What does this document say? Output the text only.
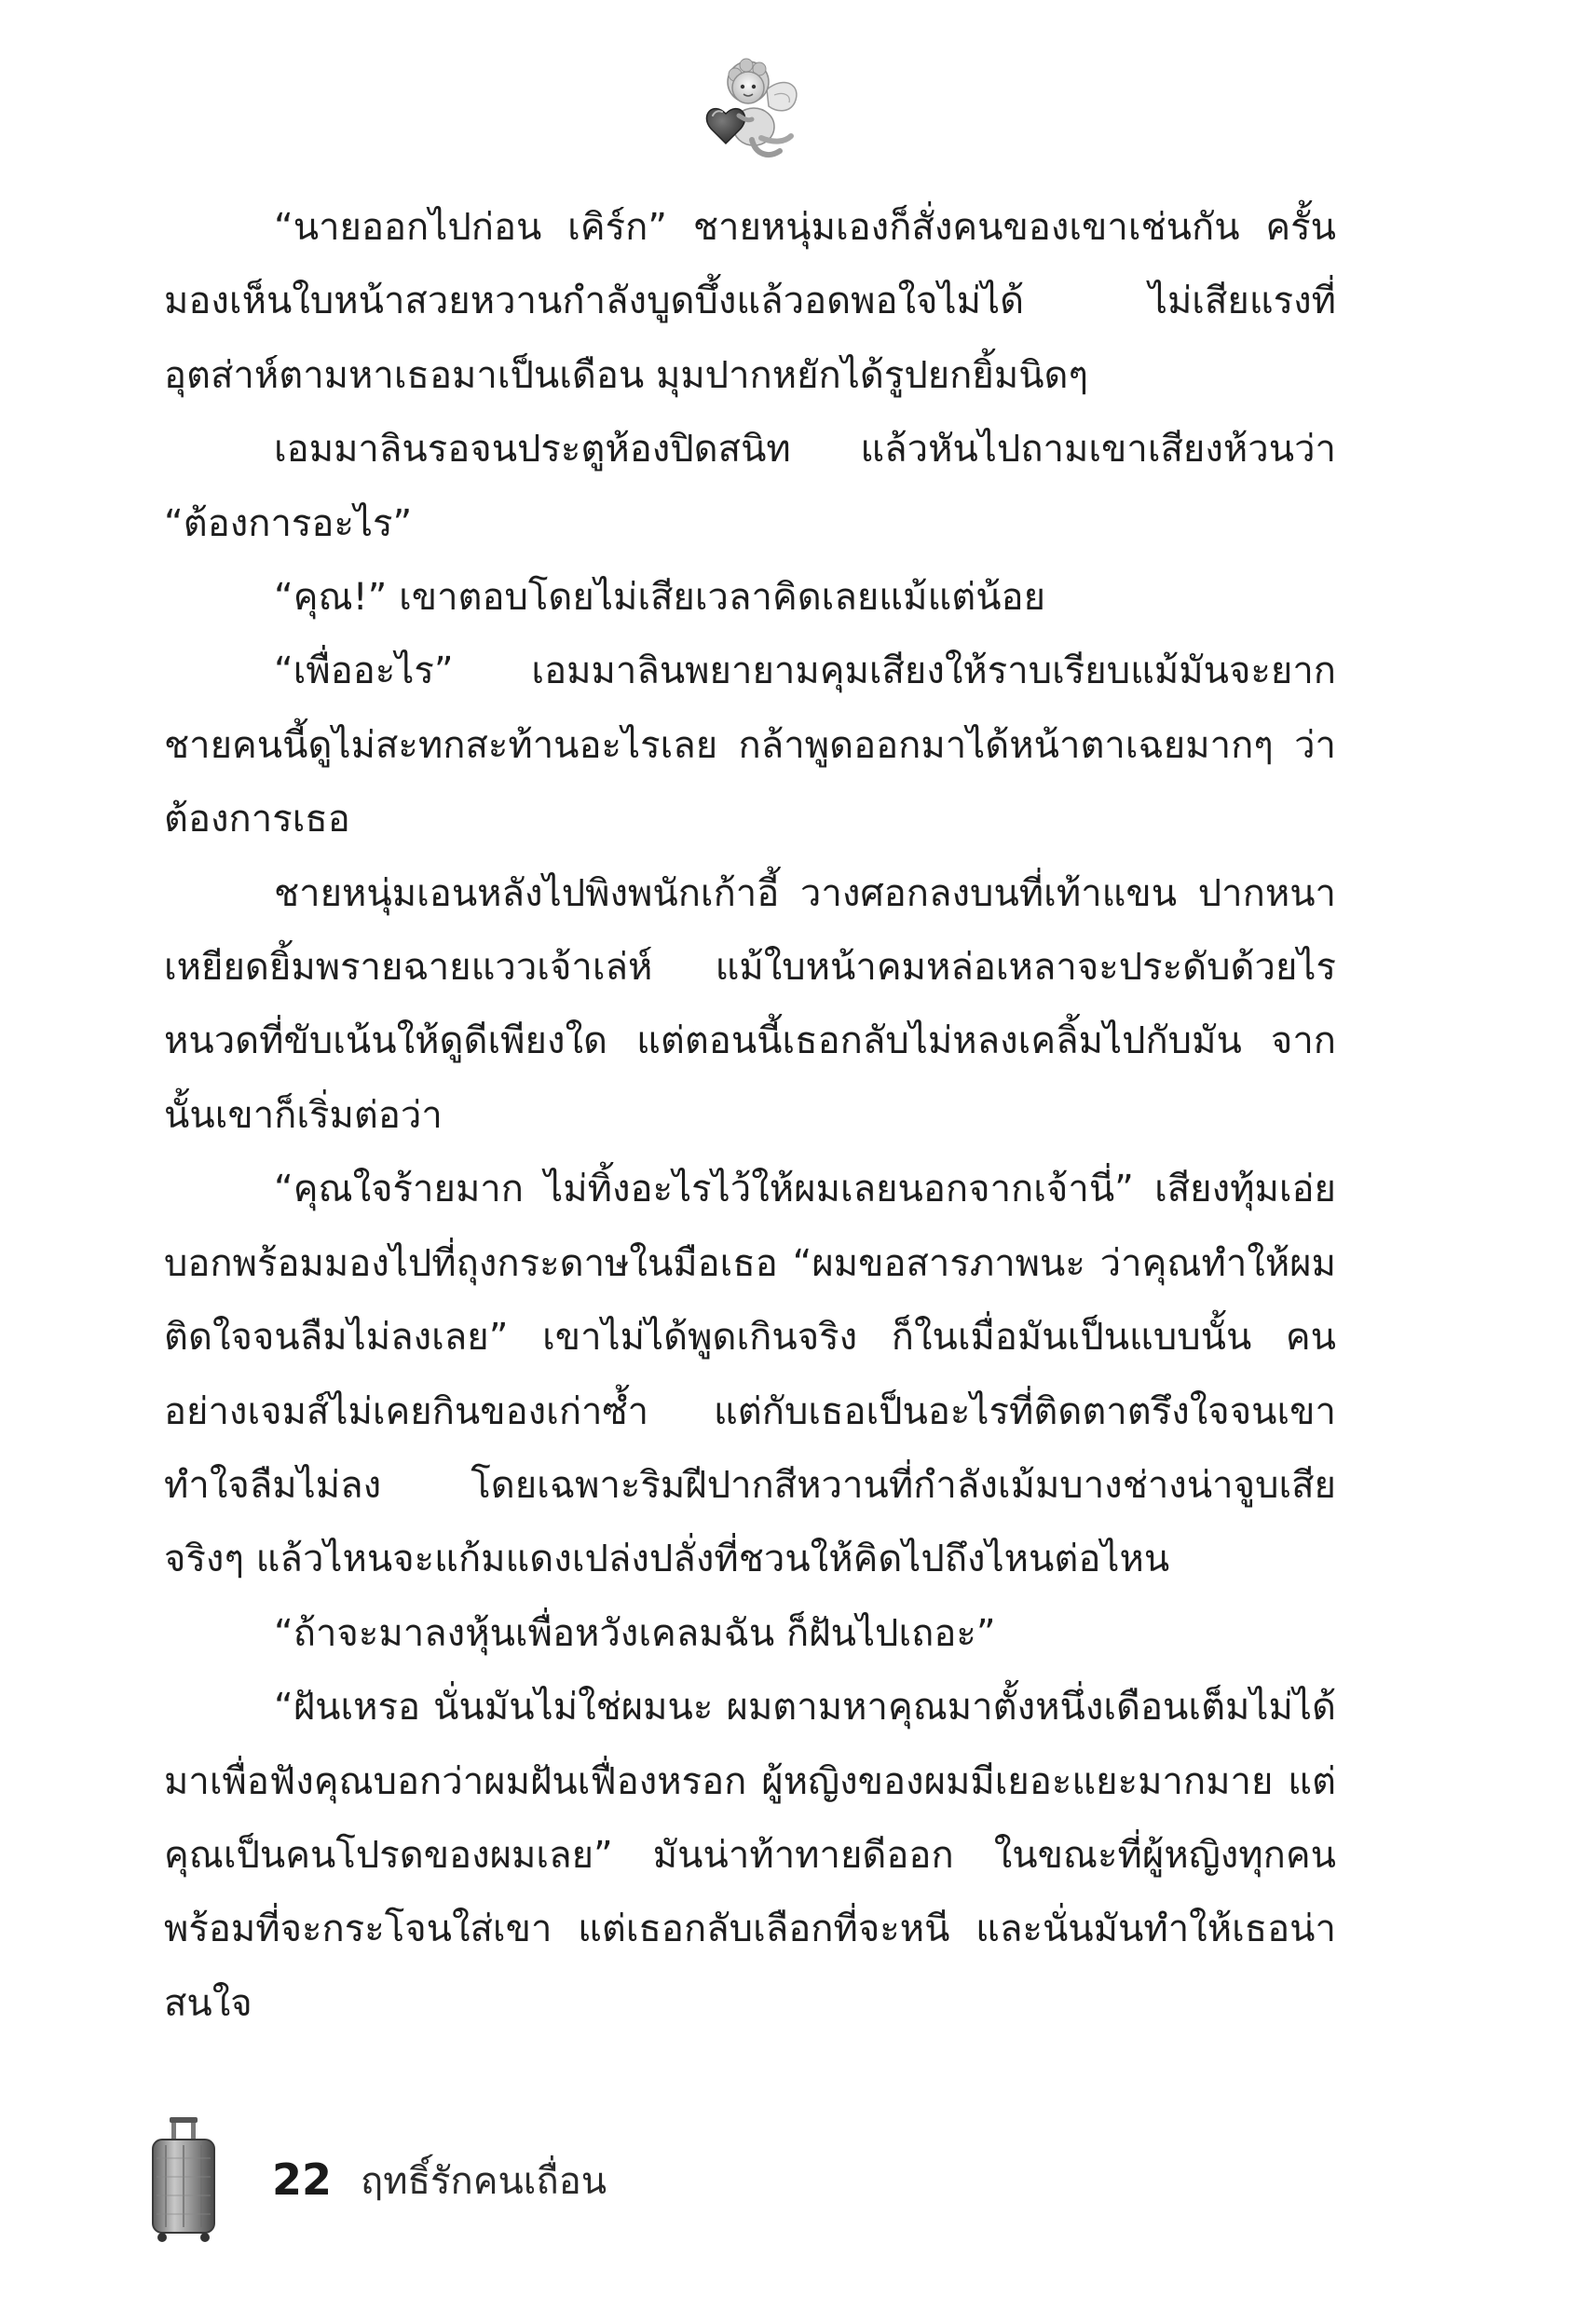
“นายออกไปก่อน เคิร์ก” ชายหนุ่มเองก็สั่งคนของเขาเช่นกัน ครั้นมองเห็นใบหน้าสวยหวานกำลังบูดบึ้งแล้วอดพอใจไม่ได้ ไม่เสียแรงที่อุตส่าห์ตามหาเธอมาเป็นเดือน มุมปากหยักได้รูปยกยิ้มนิดๆ

เอมมาลินรอจนประตูห้องปิดสนิท แล้วหันไปถามเขาเสียงห้วนว่า “ต้องการอะไร”

“คุณ!” เขาตอบโดยไม่เสียเวลาคิดเลยแม้แต่น้อย

“เพื่ออะไร” เอมมาลินพยายามคุมเสียงให้ราบเรียบแม้มันจะยาก ชายคนนี้ดูไม่สะทกสะท้านอะไรเลย กล้าพูดออกมาได้หน้าตาเฉยมากๆ ว่าต้องการเธอ

ชายหนุ่มเอนหลังไปพิงพนักเก้าอี้ วางศอกลงบนที่เท้าแขน ปากหนาเหยียดยิ้มพรายฉายแววเจ้าเล่ห์ แม้ใบหน้าคมหล่อเหลาจะประดับด้วยไรหนวดที่ขับเน้นให้ดูดีเพียงใด แต่ตอนนี้เธอกลับไม่หลงเคลิ้มไปกับมัน จากนั้นเขาก็เริ่มต่อว่า

“คุณใจร้ายมาก ไม่ทิ้งอะไรไว้ให้ผมเลยนอกจากเจ้านี่” เสียงทุ้มเอ่ยบอกพร้อมมองไปที่ถุงกระดาษในมือเธอ “ผมขอสารภาพนะ ว่าคุณทำให้ผมติดใจจนลืมไม่ลงเลย” เขาไม่ได้พูดเกินจริง ก็ในเมื่อมันเป็นแบบนั้น คนอย่างเจมส์ไม่เคยกินของเก่าซ้ำ แต่กับเธอเป็นอะไรที่ติดตาตรึงใจจนเขาทำใจลืมไม่ลง โดยเฉพาะริมฝีปากสีหวานที่กำลังเม้มบางช่างน่าจูบเสียจริงๆ แล้วไหนจะแก้มแดงเปล่งปลั่งที่ชวนให้คิดไปถึงไหนต่อไหน

“ถ้าจะมาลงหุ้นเพื่อหวังเคลมฉัน ก็ฝันไปเถอะ”

“ฝันเหรอ นั่นมันไม่ใช่ผมนะ ผมตามหาคุณมาตั้งหนึ่งเดือนเต็มไม่ได้มาเพื่อฟังคุณบอกว่าผมฝันเฟื่องหรอก ผู้หญิงของผมมีเยอะแยะมากมาย แต่คุณเป็นคนโปรดของผมเลย” มันน่าท้าทายดีออก ในขณะที่ผู้หญิงทุกคนพร้อมที่จะกระโจนใส่เขา แต่เธอกลับเลือกที่จะหนี และนั่นมันทำให้เธอน่าสนใจ

22 ฤทธิ์รักคนเถื่อน
